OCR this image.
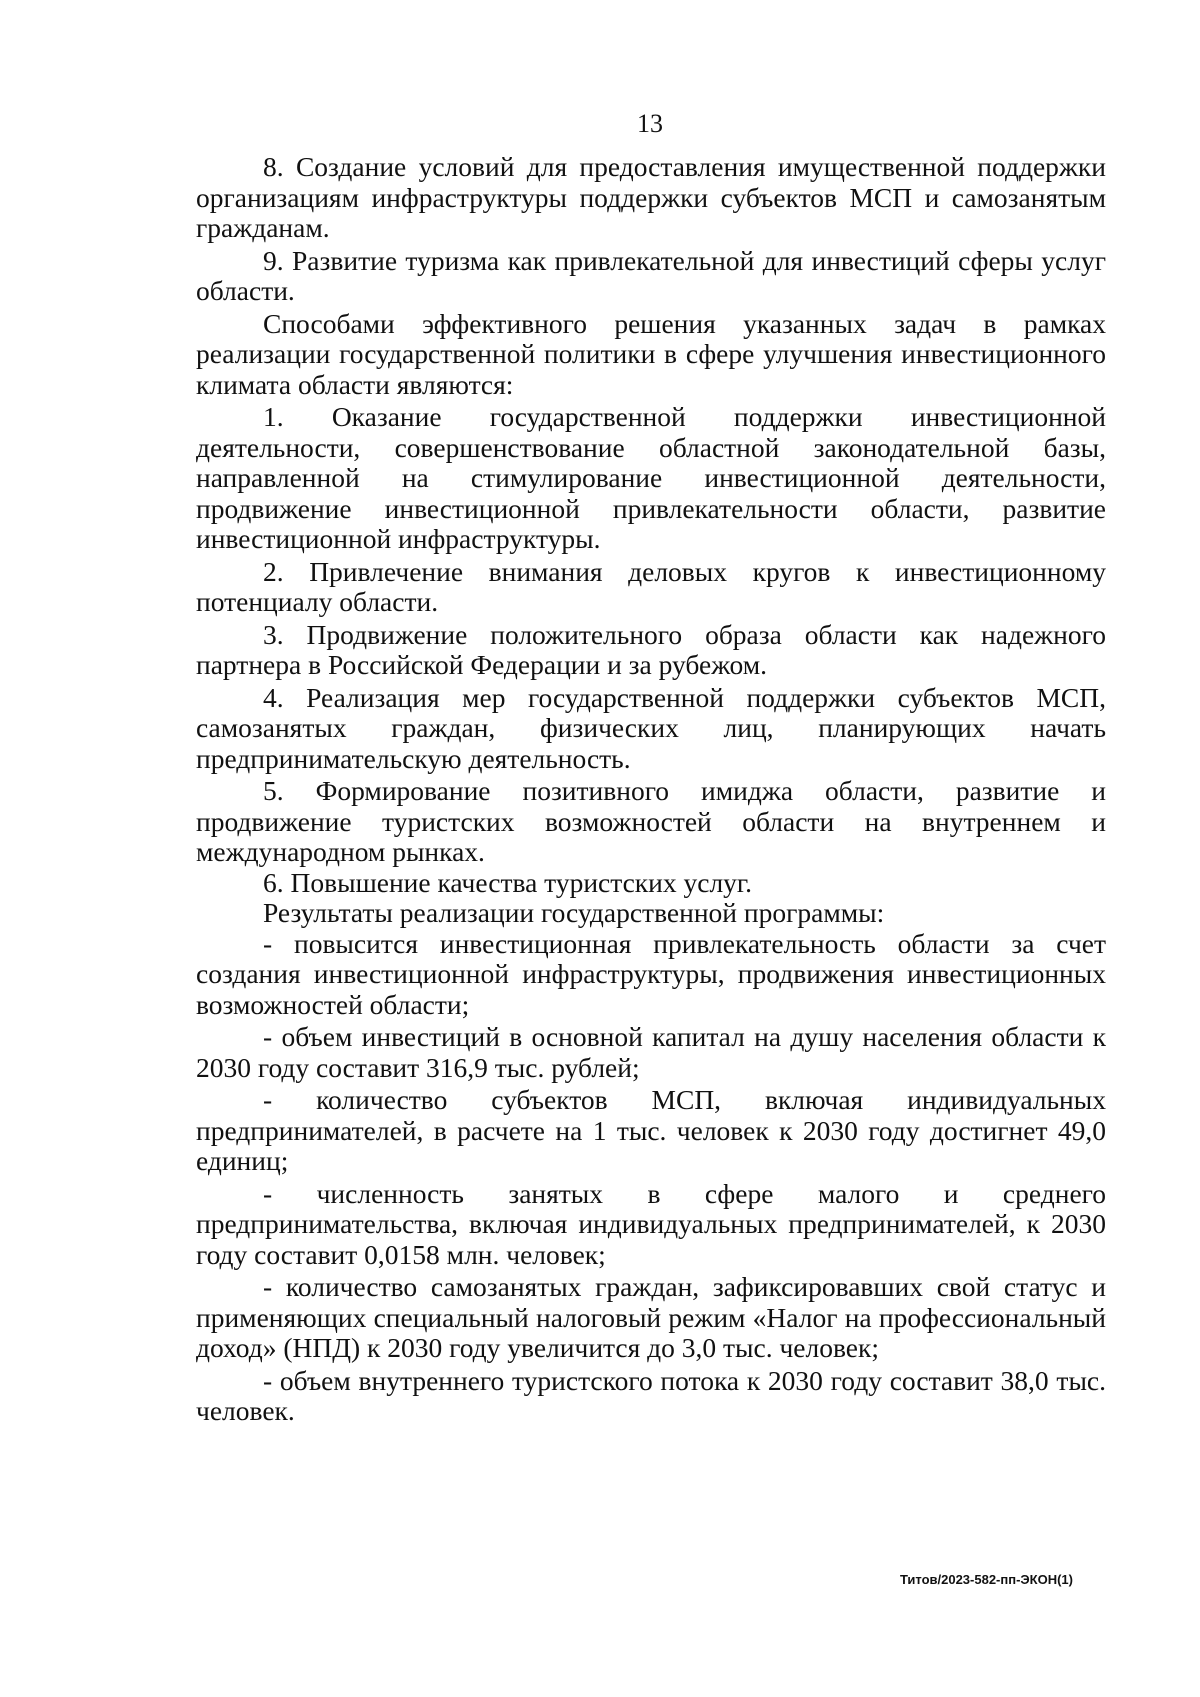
13

8. Создание условий для предоставления имущественной поддержки организациям инфраструктуры поддержки субъектов МСП и самозанятым гражданам.

9. Развитие туризма как привлекательной для инвестиций сферы услуг области.

Способами эффективного решения указанных задач в рамках реализации государственной политики в сфере улучшения инвестиционного климата области являются:

1. Оказание государственной поддержки инвестиционной деятельности, совершенствование областной законодательной базы, направленной на стимулирование инвестиционной деятельности, продвижение инвестиционной привлекательности области, развитие инвестиционной инфраструктуры.

2. Привлечение внимания деловых кругов к инвестиционному потенциалу области.

3. Продвижение положительного образа области как надежного партнера в Российской Федерации и за рубежом.

4. Реализация мер государственной поддержки субъектов МСП, самозанятых граждан, физических лиц, планирующих начать предпринимательскую деятельность.

5. Формирование позитивного имиджа области, развитие и продвижение туристских возможностей области на внутреннем и международном рынках.

6. Повышение качества туристских услуг.

Результаты реализации государственной программы:

- повысится инвестиционная привлекательность области за счет создания инвестиционной инфраструктуры, продвижения инвестиционных возможностей области;

- объем инвестиций в основной капитал на душу населения области к 2030 году составит 316,9 тыс. рублей;

- количество субъектов МСП, включая индивидуальных предпринимателей, в расчете на 1 тыс. человек к 2030 году достигнет 49,0 единиц;

- численность занятых в сфере малого и среднего предпринимательства, включая индивидуальных предпринимателей, к 2030 году составит 0,0158 млн. человек;

- количество самозанятых граждан, зафиксировавших свой статус и применяющих специальный налоговый режим «Налог на профессиональный доход» (НПД) к 2030 году увеличится до 3,0 тыс. человек;

- объем внутреннего туристского потока к 2030 году составит 38,0 тыс. человек.

Титов/2023-582-пп-ЭКОН(1)
